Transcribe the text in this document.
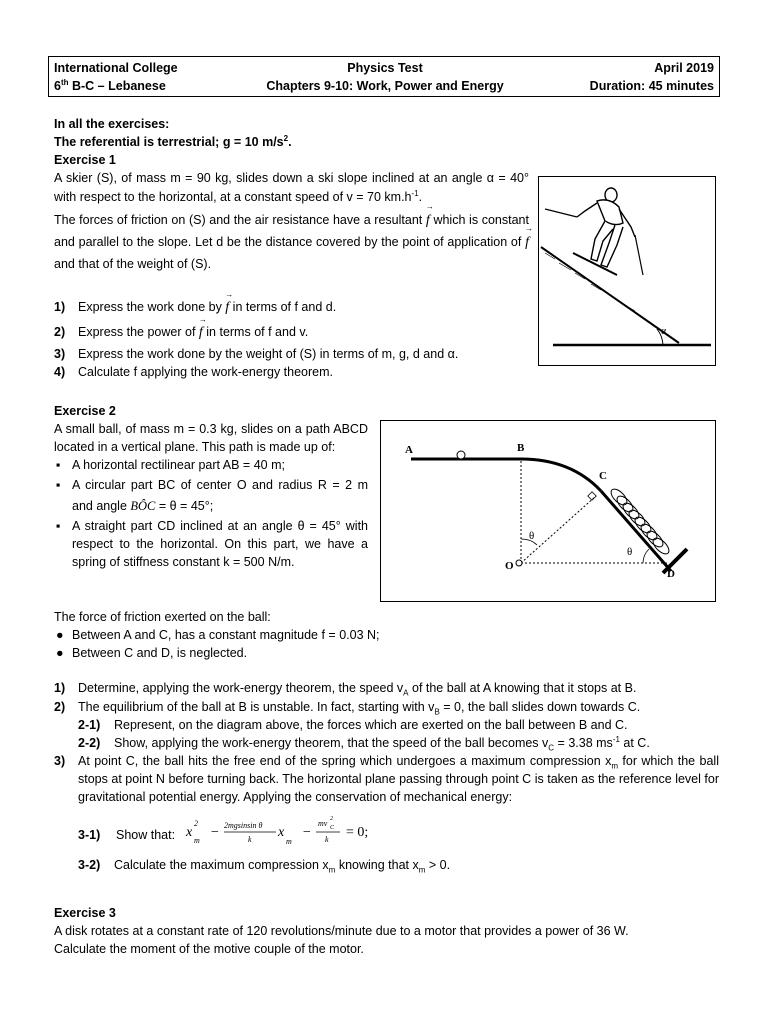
International College
6th B-C – Lebanese
Physics Test
Chapters 9-10: Work, Power and Energy
April 2019
Duration: 45 minutes

In all the exercises:

The referential is terrestrial; g = 10 $m/s^2$.

Exercise 1

A skier (S), of mass m = 90 kg, slides down a ski slope inclined at an angle α = 40° with respect to the horizontal, at a constant speed of v = 70 $km.h^{-1}$.

The forces of friction on (S) and the air resistance have a resultant → f which is constant and parallel to the slope. Let d be the distance covered by the point of application of → f and that of the weight of (S).

1) Express the work done by → f in terms of f and d.
2) Express the power of → f in terms of f and v.
3) Express the work done by the weight of (S) in terms of m, g, d and α.
4) Calculate f applying the work-energy theorem.
α

Exercise 2

A small ball, of mass m = 0.3 kg, slides on a path ABCD located in a vertical plane. This path is made up of:

▪ A horizontal rectilinear part AB = 40 m;
▪ A circular part BC of center O and radius R = 2 m and angle BÔC = θ = 45°;
▪ A straight part CD inclined at an angle θ = 45° with respect to the horizontal. On this part, we have a spring of stiffness constant k = 500 N/m.
A	B
C
D
O
θ
θ

The force of friction exerted on the ball:

● Between A and C, has a constant magnitude f = 0.03 N;
● Between C and D, is neglected.
1) Determine, applying the work-energy theorem, the speed $v_A$ of the ball at A knowing that it stops at B.
2) The equilibrium of the ball at B is unstable. In fact, starting with $v_B = 0$, the ball slides down towards C.
2-1) Represent, on the diagram above, the forces which are exerted on the ball between B and C.
2-2) Show, applying the work-energy theorem, that the speed of the ball becomes $v_C = 3.38$ $ms^{-1}$ at C.
3) At point C, the ball hits the free end of the spring which undergoes a maximum compression $x_m$ for which the ball stops at point N before turning back. The horizontal plane passing through point C is taken as the reference level for gravitational potential energy. Applying the conservation of mechanical energy:
3-1) Show that: x
2
m
− 2mgsinsin θ
k x
m
−
mv 2
C
k = 0;
3-2) Calculate the maximum compression $x_m$ knowing that $x_m > 0$.

Exercise 3

A disk rotates at a constant rate of 120 revolutions/minute due to a motor that provides a power of 36 W.

Calculate the moment of the motive couple of the motor.
